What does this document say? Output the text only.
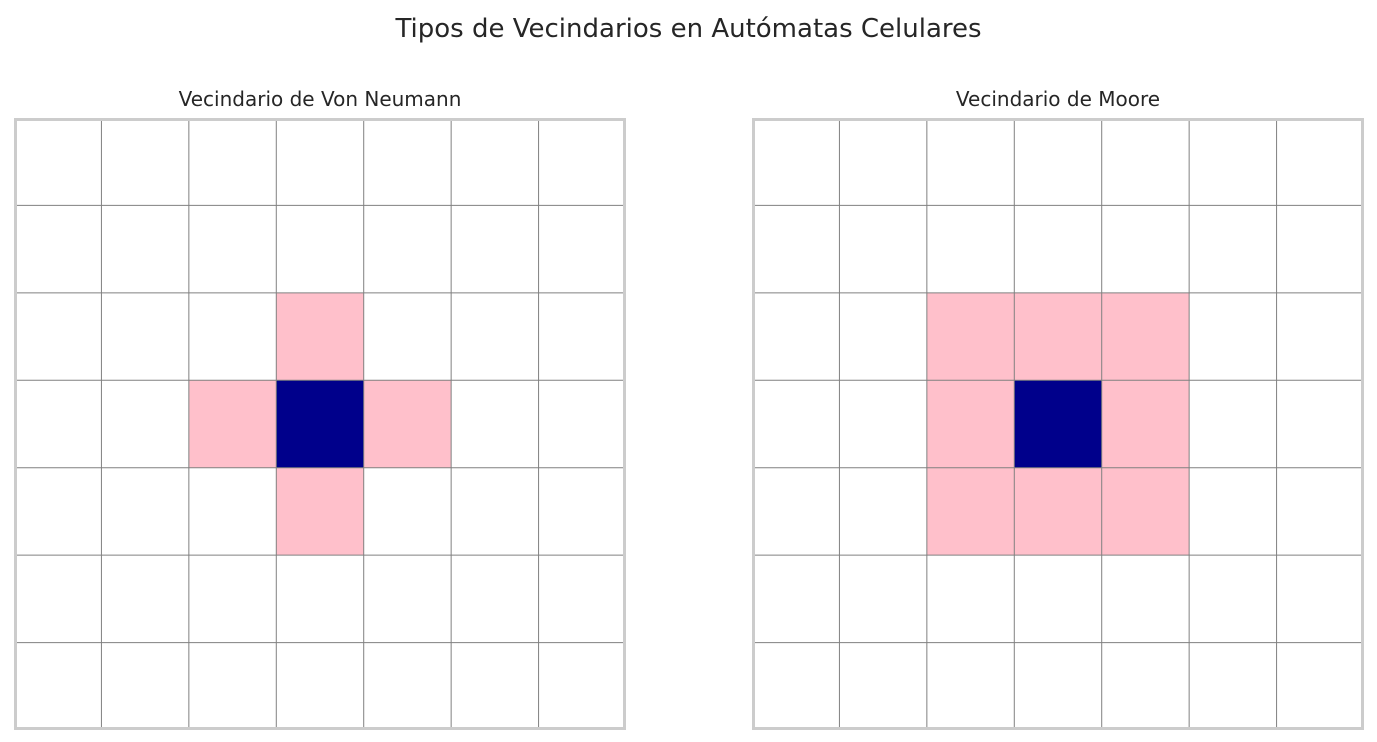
Tipos de Vecindarios en Autómatas Celulares
Vecindario de Von Neumann	Vecindario de Moore
